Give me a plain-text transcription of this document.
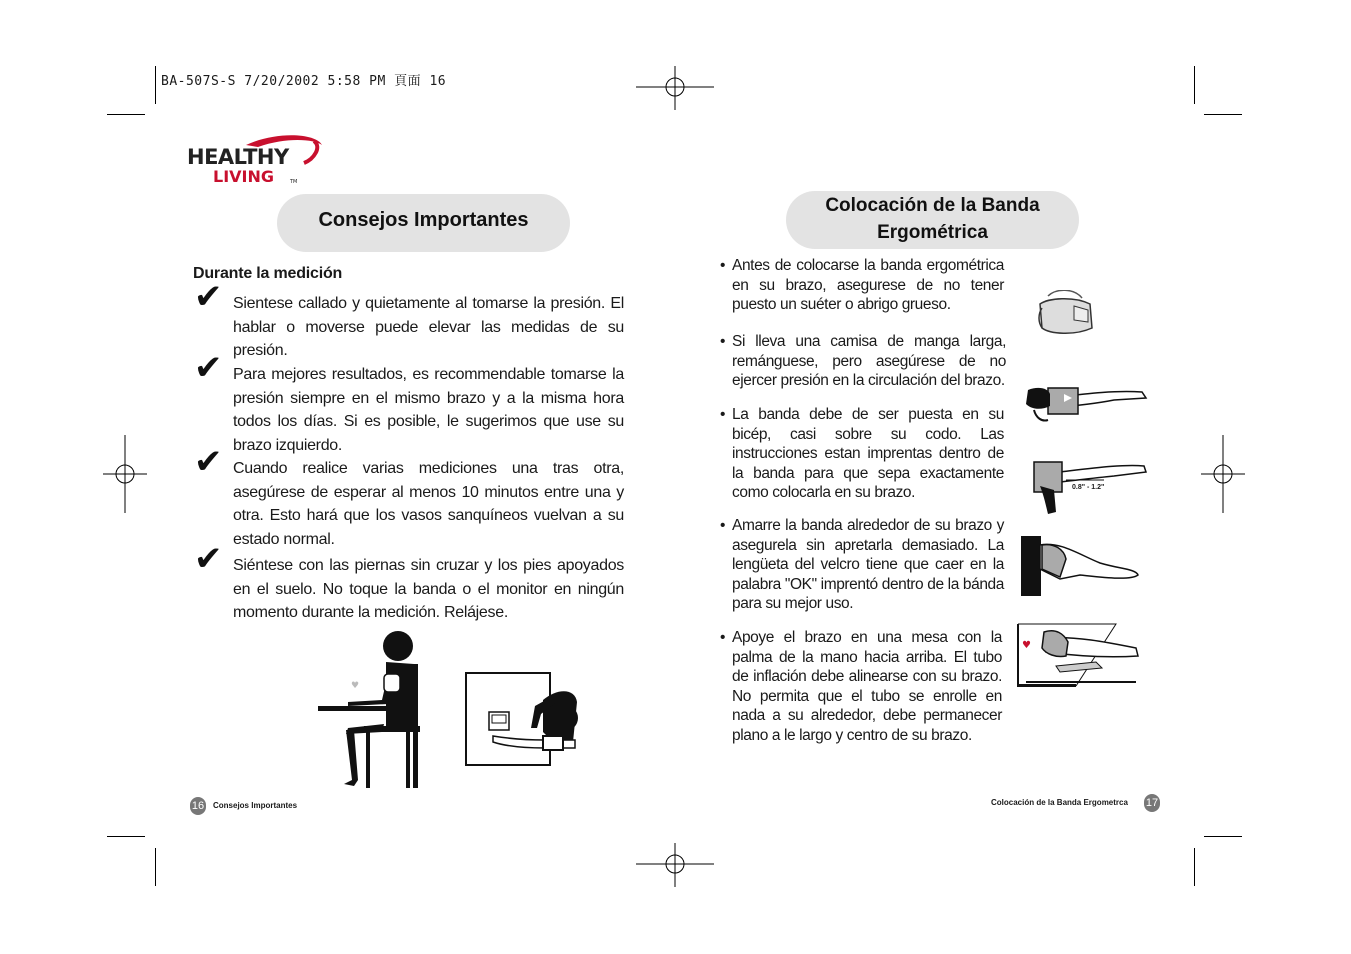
BA-507S-S 7/20/2002 5:58 PM 頁面 16
HEALTHY
LIVING	TM
Consejos Importantes
Durante la medición
✔ Sientese callado y quietamente al tomarse la presión. El hablar o moverse puede elevar las medidas de su presión.
✔ Para mejores resultados, es recommendable tomarse la presión siempre en el mismo brazo y a la misma hora todos los días. Si es posible, le sugerimos que use su brazo izquierdo.
✔ Cuando realice varias mediciones una tras otra, asegúrese de esperar al menos 10 minutos entre una y otra. Esto hará que los vasos sanquíneos vuelvan a su estado normal.
✔ Siéntese con las piernas sin cruzar y los pies apoyados en el suelo. No toque la banda o el monitor en ningún momento durante la medición. Relájese.
♥
16 Consejos Importantes
Colocación de la Banda
Ergométrica
• Antes de colocarse la banda ergométrica en su brazo, asegurese de no tener puesto un suéter o abrigo grueso.
• Si lleva una camisa de manga larga, remánguese, pero asegúrese de no ejercer presión en la circulación del brazo.
• La banda debe de ser puesta en su bicép, casi sobre su codo. Las instrucciones estan imprentas dentro de la banda para que sepa exactamente como colocarla en su brazo.
• Amarre la banda alrededor de su brazo y asegurela sin apretarla demasiado. La lengüeta del velcro tiene que caer en la palabra "OK" imprentó dentro de la bánda para su mejor uso.
• Apoye el brazo en una mesa con la palma de la mano hacia arriba. El tubo de inflación debe alinearse con su brazo. No permita que el tubo se enrolle en nada a su alrededor, debe permanecer plano a le largo y centro de su brazo.
0.8" - 1.2"
♥
Colocación de la Banda Ergometrca 17
